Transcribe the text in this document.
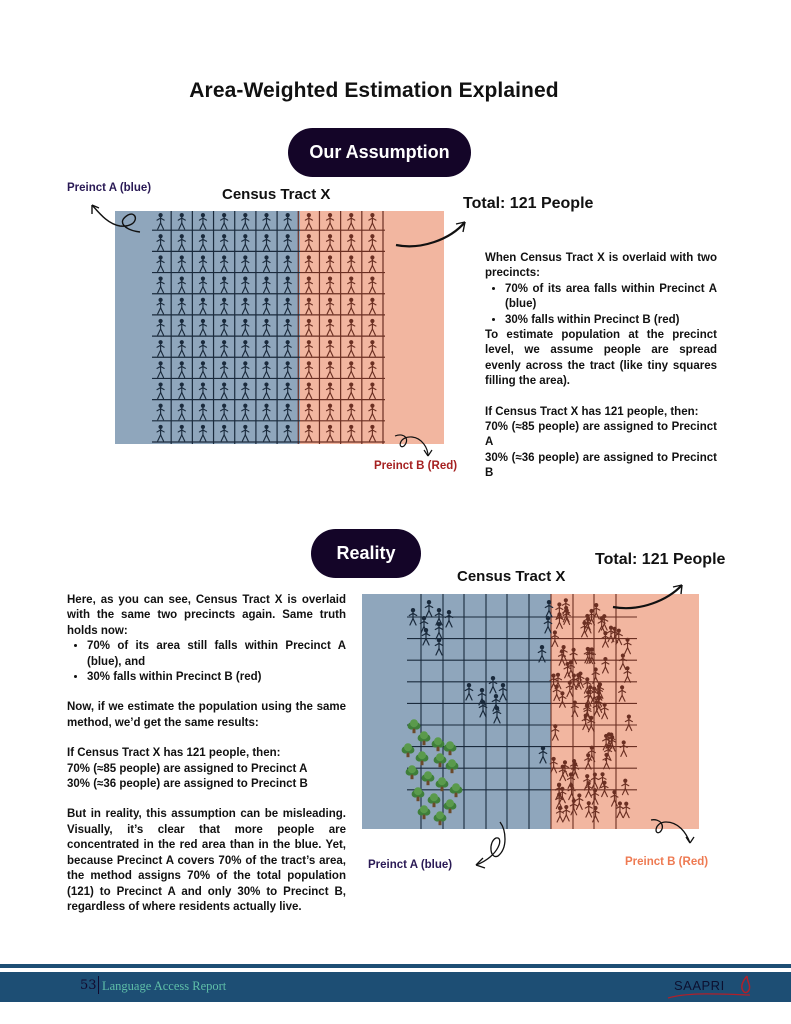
Area-Weighted Estimation Explained
Our Assumption
Preinct A (blue)	Census Tract X
Total: 121 People
Preinct B (Red)

When Census Tract X is overlaid with two precincts:

• 70% of its area falls within Precinct A (blue)
• 30% falls within Precinct B (red)

To estimate population at the precinct level, we assume people are spread evenly across the tract (like tiny squares filling the area).

If Census Tract X has 121 people, then:

70% (≈85 people) are assigned to Precinct A

30% (≈36 people) are assigned to Precinct B

Reality	Total: 121 People
Census Tract X

Here, as you can see, Census Tract X is overlaid with the same two precincts again. Same truth holds now:

• 70% of its area still falls within Precinct A (blue), and
• 30% falls within Precinct B (red)

Now, if we estimate the population using the same method, we’d get the same results:

If Census Tract X has 121 people, then:

70% (≈85 people) are assigned to Precinct A

30% (≈36 people) are assigned to Precinct B

But in reality, this assumption can be misleading. Visually, it’s clear that more people are concentrated in the red area than in the blue. Yet, because Precinct A covers 70% of the tract’s area, the method assigns 70% of the total population (121) to Precinct A and only 30% to Precinct B, regardless of where residents actually live.

Preinct A (blue)	Preinct B (Red)
53 Language Access Report	SAAPRI
